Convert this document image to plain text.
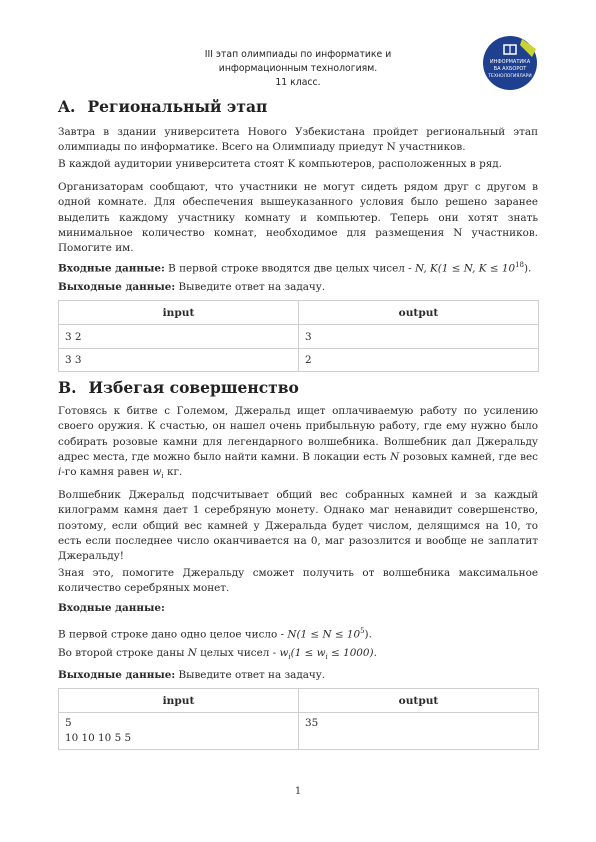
III этап олимпиады по информатике и
информационным технологиям.
11 класс.
ИНФОРМАТИКА
ВА АХБОРОТ
ТЕХНОЛОГИЯЛАРИ
A. Региональный этап
Завтра в здании университета Нового Узбекистана пройдет региональный этап олимпиады по информатике. Всего на Олимпиаду приедут N участников.
В каждой аудитории университета стоят K компьютеров, расположенных в ряд.
Организаторам сообщают, что участники не могут сидеть рядом друг с другом в одной комнате. Для обеспечения вышеуказанного условия было решено заранее выделить каждому участнику комнату и компьютер. Теперь они хотят знать минимальное количество комнат, необходимое для размещения N участников. Помогите им.
Входные данные: В первой строке вводятся две целых чисел - N, K(1 ≤ N, $K \le 10^{18}$).
Выходные данные: Выведите ответ на задачу.
input	output
3 2	3
3 3	2
B. Избегая совершенство
Готовясь к битве с Големом, Джеральд ищет оплачиваемую работу по усилению своего оружия. К счастью, он нашел очень прибыльную работу, где ему нужно было собирать розовые камни для легендарного волшебника. Волшебник дал Джеральду адрес места, где можно было найти камни. В локации есть N розовых камней, где вес i-го камня равен $w_i$ кг.
Волшебник Джеральд подсчитывает общий вес собранных камней и за каждый килограмм камня дает 1 серебряную монету. Однако маг ненавидит совершенство, поэтому, если общий вес камней у Джеральда будет числом, делящимся на 10, то есть если последнее число оканчивается на 0, маг разозлится и вообще не заплатит Джеральду!
Зная это, помогите Джеральду сможет получить от волшебника максимальное количество серебряных монет.
Входные данные:
В первой строке дано одно целое число - $N(1 \le N \le 10^5)$.
Во второй строке даны N целых чисел - $w_i(1 \le w_i \le 1000)$.
Выходные данные: Выведите ответ на задачу.
input	output

5
10 10 10 5 5	35
1
